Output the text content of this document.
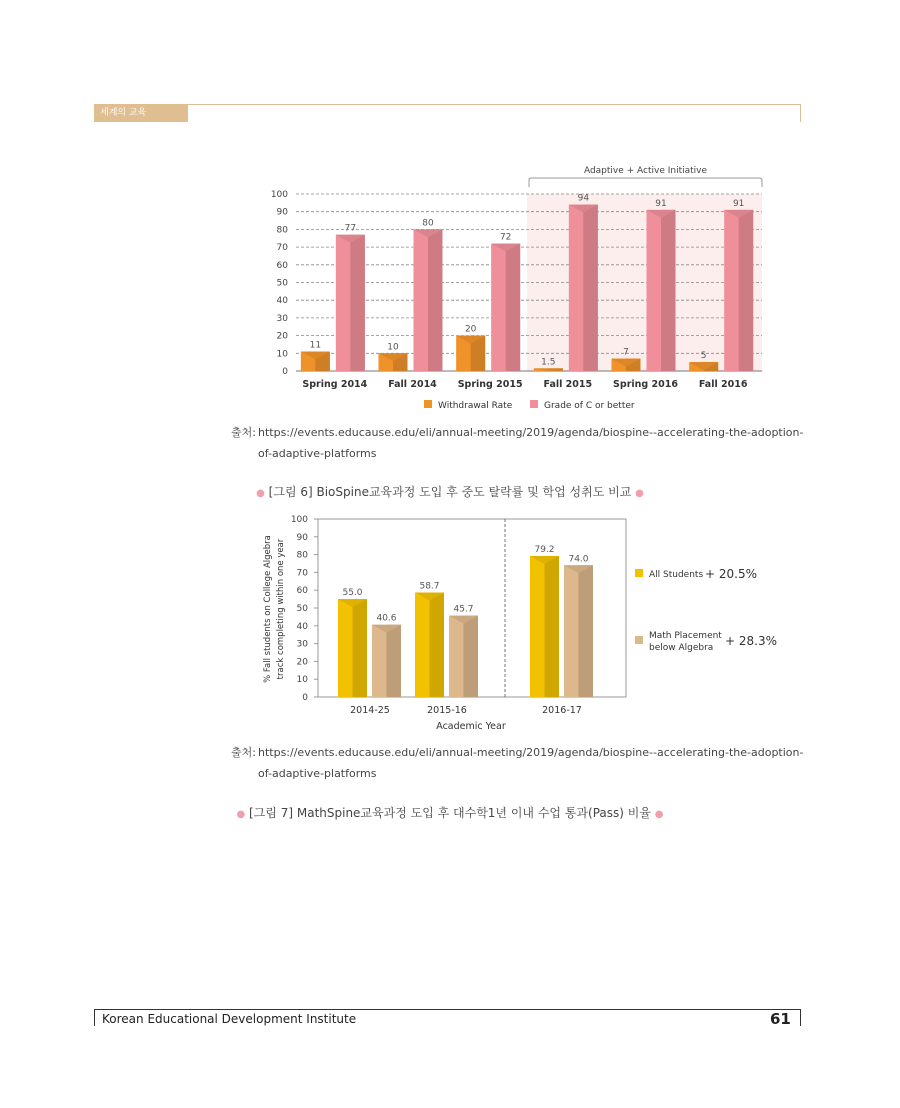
세계의 교육
Adaptive + Active Initiative
0
10
20
30
40
50
60
70
80
90
100
11
77
Spring 2014
10
80
Fall 2014
20
72
Spring 2015
1.5
94
Fall 2015
7
91
Spring 2016
5
91
Fall 2016
Withdrawal Rate	Grade of C or better
출처: https://events.educause.edu/eli/annual-meeting/2019/agenda/biospine--accelerating-the-adoption-of-adaptive-platforms
● [그림 6] BioSpine교육과정 도입 후 중도 탈락률 및 학업 성취도 비교 ●
0
10
20
30
40
50
60
70
80
90
100
% Fall students on College Algebra track completing within one year	55.0
40.6
2014-25
58.7
45.7
2015-16
79.2
74.0
2016-17
Academic Year
All Students + 20.5%
Math Placement
below Algebra + 28.3%
출처: https://events.educause.edu/eli/annual-meeting/2019/agenda/biospine--accelerating-the-adoption-of-adaptive-platforms
● [그림 7] MathSpine교육과정 도입 후 대수학1년 이내 수업 통과(Pass) 비율 ●
Korean Educational Development Institute	61
